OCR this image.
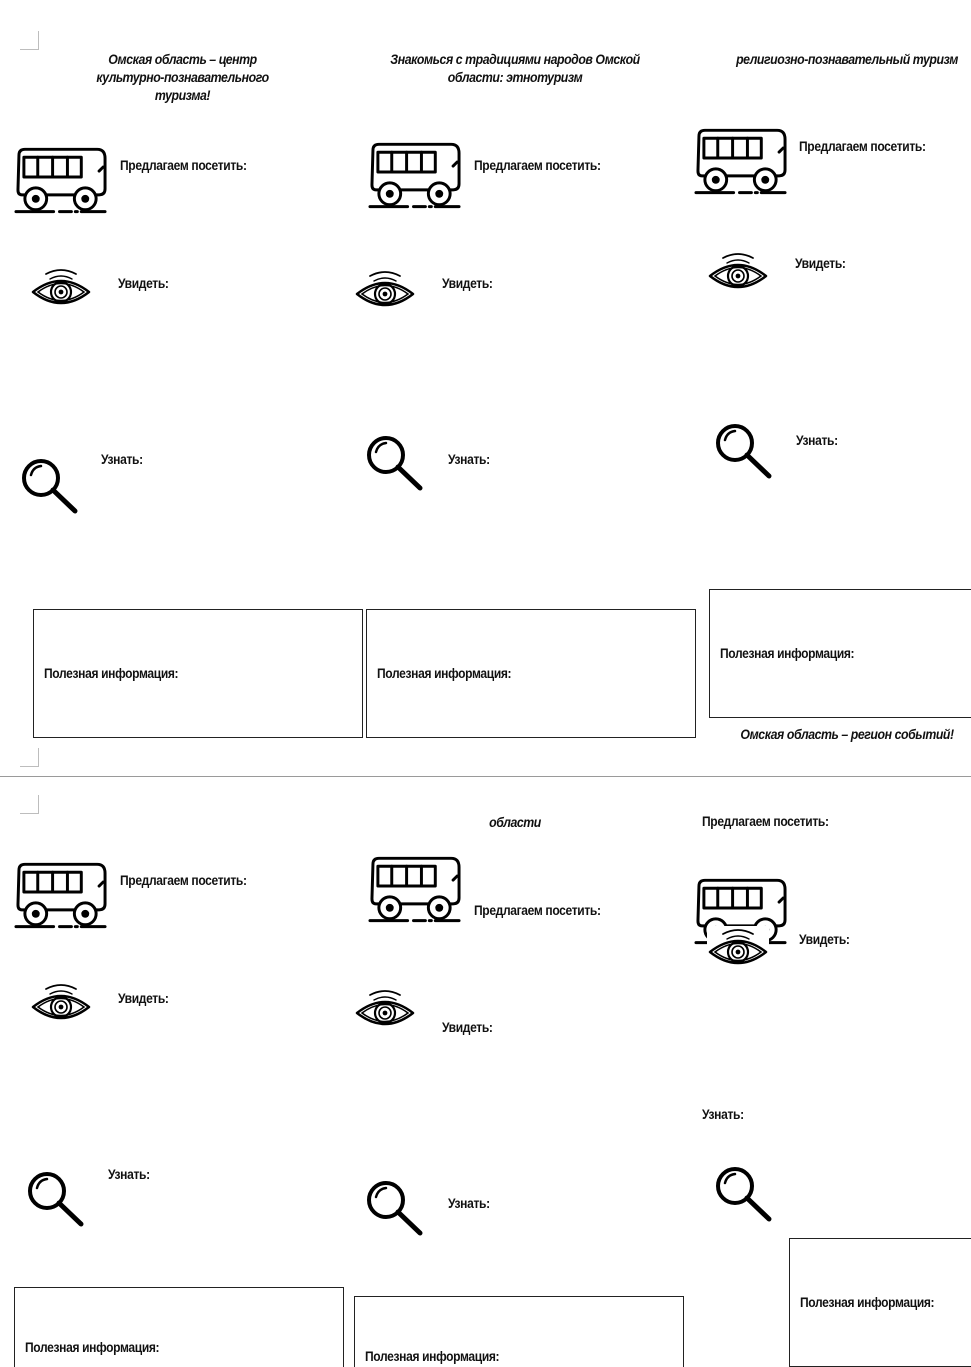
Омская область – центр культурно-познавательного туризма!
Предлагаем посетить:
Увидеть:
Узнать:
Полезная информация:
Знакомься с традициями народов Омской области: этнотуризм
Предлагаем посетить:
Увидеть:
Узнать:
Полезная информация:
религиозно-познавательный туризм
Предлагаем посетить:
Увидеть:
Узнать:
Полезная информация:
Омская область – регион событий!
Предлагаем посетить:
Увидеть:
Узнать:
Полезная информация:
области
Предлагаем посетить:
Увидеть:
Узнать:
Полезная информация:
Предлагаем посетить:
Увидеть:
Узнать:
Полезная информация:
